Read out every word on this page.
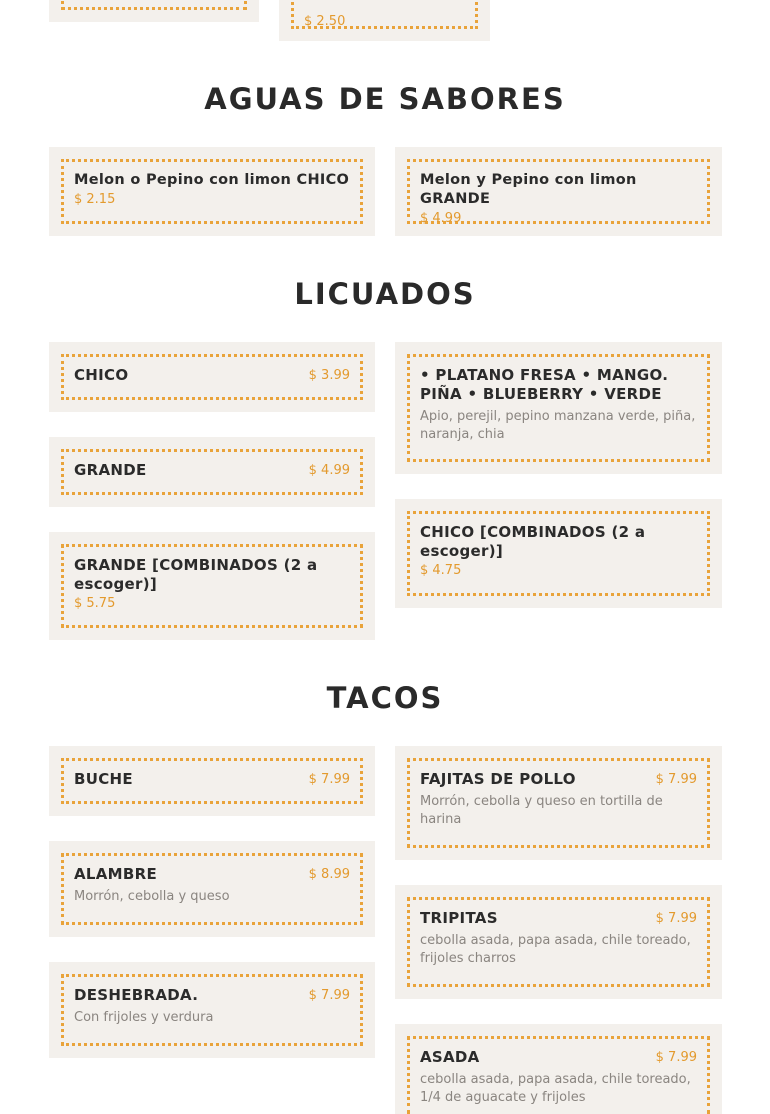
$ 2.50
AGUAS DE SABORES
Melon o Pepino con limon CHICO
$ 2.15
Melon y Pepino con limon GRANDE
$ 4.99
LICUADOS
CHICO	$ 3.99
GRANDE	$ 4.99
GRANDE [COMBINADOS (2 a escoger)]
$ 5.75
• PLATANO FRESA • MANGO. PIÑA • BLUEBERRY • VERDE
Apio, perejil, pepino manzana verde, piña, naranja, chia
CHICO [COMBINADOS (2 a escoger)]
$ 4.75
TACOS
BUCHE	$ 7.99
ALAMBRE	$ 8.99
Morrón, cebolla y queso
DESHEBRADA.	$ 7.99
Con frijoles y verdura
FAJITAS DE POLLO	$ 7.99
Morrón, cebolla y queso en tortilla de harina
TRIPITAS	$ 7.99
cebolla asada, papa asada, chile toreado, frijoles charros
ASADA	$ 7.99
cebolla asada, papa asada, chile toreado, 1/4 de aguacate y frijoles
